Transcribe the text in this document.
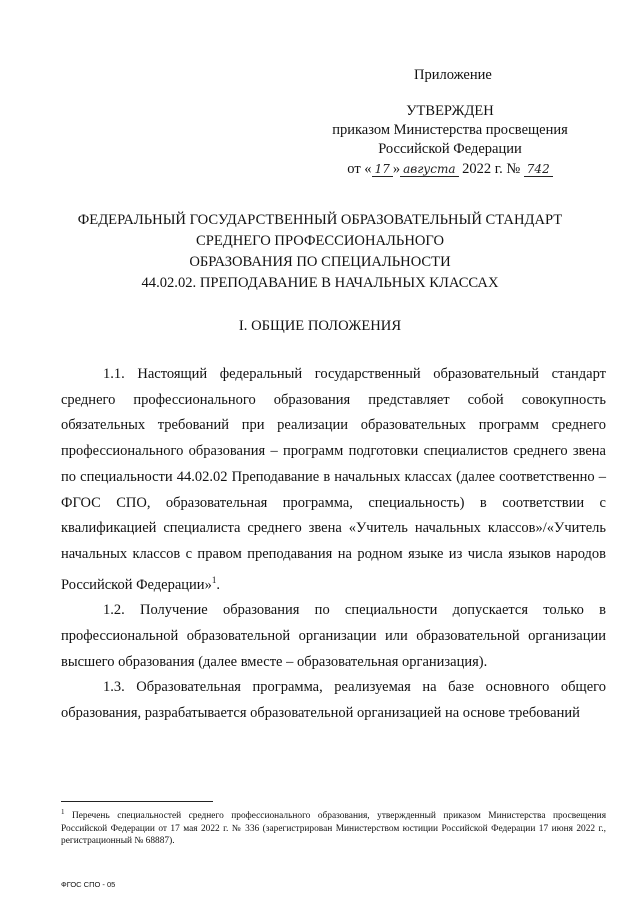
Приложение
УТВЕРЖДЕН
приказом Министерства просвещения
Российской Федерации
от « 17 » августа 2022 г. № 742
ФЕДЕРАЛЬНЫЙ ГОСУДАРСТВЕННЫЙ ОБРАЗОВАТЕЛЬНЫЙ СТАНДАРТ
СРЕДНЕГО ПРОФЕССИОНАЛЬНОГО
ОБРАЗОВАНИЯ ПО СПЕЦИАЛЬНОСТИ
44.02.02. ПРЕПОДАВАНИЕ В НАЧАЛЬНЫХ КЛАССАХ
I. ОБЩИЕ ПОЛОЖЕНИЯ

1.1. Настоящий федеральный государственный образовательный стандарт среднего профессионального образования представляет собой совокупность обязательных требований при реализации образовательных программ среднего профессионального образования – программ подготовки специалистов среднего звена по специальности 44.02.02 Преподавание в начальных классах (далее соответственно – ФГОС СПО, образовательная программа, специальность) в соответствии с квалификацией специалиста среднего звена «Учитель начальных классов»/«Учитель начальных классов с правом преподавания на родном языке из числа языков народов Российской Федерации»$^1$.

1.2. Получение образования по специальности допускается только в профессиональной образовательной организации или образовательной организации высшего образования (далее вместе – образовательная организация).

1.3. Образовательная программа, реализуемая на базе основного общего образования, разрабатывается образовательной организацией на основе требований

$^1$ Перечень специальностей среднего профессионального образования, утвержденный приказом Министерства просвещения Российской Федерации от 17 мая 2022 г. № 336 (зарегистрирован Министерством юстиции Российской Федерации 17 июня 2022 г., регистрационный № 68887).
ФГОС СПО - 05
